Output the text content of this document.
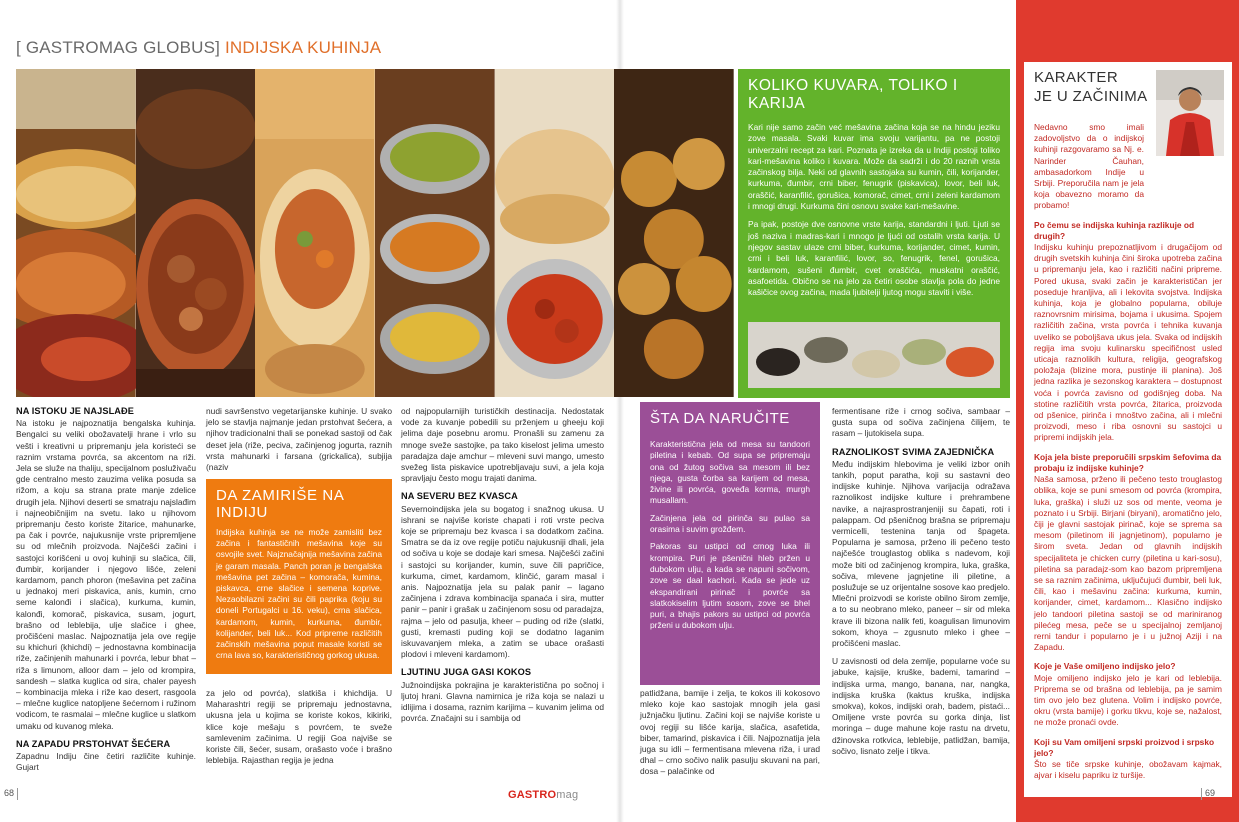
[ GASTROMAG GLOBUS] INDIJSKA KUHINJA
NA ISTOKU JE NAJSLAĐE

Na istoku je najpoznatija bengalska kuhinja. Bengalci su veliki obožavatelji hrane i vrlo su vešti i kreativni u pripremanju jela koristeći se raznim vrstama povrća, sa akcentom na riži. Jela se služe na thaliju, specijalnom posluživaču gde centralno mesto zauzima velika posuda sa rižom, a koju sa strana prate manje zdelice drugih jela. Njihovi deserti se smatraju najslađim i najneobičnijim na svetu. Iako u njihovom pripremanju često koriste žitarice, mahunarke, pa čak i povrće, najukusnije vrste pripremljene su od mlečnih proizvoda. Najčešći začini i sastojci korišćeni u ovoj kuhinji su slačica, čili, đumbir, korijander i njegovo lišće, zeleni kardamom, panch phoron (mešavina pet začina u jednakoj meri piskavica, anis, kumin, crno seme kalonđi i slačica), kurkuma, kumin, kalonđi, komorač, piskavica, susam, jogurt, brašno od leblebija, ulje slačice i ghee, pročišćeni maslac. Najpoznatija jela ove regije su khichuri (khichdi) – jednostavna kombinacija riže, začinjenih mahunarki i povrća, lebur bhat – riža s limunom, alloor dam – jelo od krompira, sandesh – slatka kuglica od sira, chaler payesh – kombinacija mleka i riže kao desert, rasgoola – mlečne kuglice natopljene šećernom i ružinom vodicom, te rasmalai – mlečne kuglice u slatkom umaku od kuvanog mleka.

NA ZAPADU PRSTOHVAT ŠEĆERA

Zapadnu Indiju čine četiri različite kuhinje. Gujart

nudi savršenstvo vegetarijanske kuhinje. U svako jelo se stavlja najmanje jedan prstohvat šećera, a njihov tradicionalni thali se ponekad sastoji od čak deset jela (riže, peciva, začinjenog jogurta, raznih vrsta mahunarki i farsana (grickalica), subjija (naziv

DA ZAMIRIŠE NA INDIJU

Indijska kuhinja se ne može zamisliti bez začina i fantastičnih mešavina koje su osvojile svet. Najznačajnija mešavina začina je garam masala. Panch poran je bengalska mešavina pet začina – komorača, kumina, piskavca, crne slačice i semena koprive. Nezaobilazni začini su čili paprika (koju su doneli Portugalci u 16. veku), crna slačica, kardamom, kumin, kurkuma, đumbir, kolijander, beli luk... Kod pripreme različitih začinskih mešavina poput masale koristi se crna lava so, karakterističnog gorkog ukusa.

za jelo od povrća), slatkiša i khichdija. U Maharashtri regiji se pripremaju jednostavna, ukusna jela u kojima se koriste kokos, kikiriki, klice koje mešaju s povrćem, te sveže samlevenim začinima. U regiji Goa najviše se koriste čili, šećer, susam, orašasto voće i brašno leblebija. Rajasthan regija je jedna

od najpopularnijih turističkih destinacija. Nedostatak vode za kuvanje pobedili su prženjem u gheeju koji jelima daje posebnu aromu. Pronašli su zamenu za mnoge sveže sastojke, pa tako kiselost jelima umesto paradajza daje amchur – mleveni suvi mango, umesto svežeg lista piskavice upotrebljavaju suvi, a jela koja spravljaju često mogu trajati danima.

NA SEVERU BEZ KVASCA

Severnoindijska jela su bogatog i snažnog ukusa. U ishrani se najviše koriste chapati i roti vrste peciva koje se pripremaju bez kvasca i sa dodatkom začina. Smatra se da iz ove regije potiču najukusniji dhali, jela od sočiva u koje se dodaje kari smesa. Najčešći začini i sastojci su korijander, kumin, suve čili papričice, kurkuma, cimet, kardamom, klinčić, garam masal i anis. Najpoznatija jela su palak panir – lagano začinjena i zdrava kombinacija spanaća i sira, mutter panir – panir i grašak u začinjenom sosu od paradajza, rajma – jelo od pasulja, kheer – puding od riže (slatki, gusti, kremasti puding koji se dodatno laganim iskuvavanjem mleka, a zatim se ubace orašasti plodovi i mleveni kardamom).

LJUTINU JUGA GASI KOKOS

Južnoindijska pokrajina je karakteristična po sočnoj i ljutoj hrani. Glavna namirnica je riža koja se nalazi u idlijima i dosama, raznim karijima – kuvanim jelima od povrća. Značajni su i sambija od

KOLIKO KUVARA, TOLIKO I KARIJA

Kari nije samo začin već mešavina začina koja se na hindu jeziku zove masala. Svaki kuvar ima svoju varijantu, pa ne postoji univerzalni recept za kari. Poznata je izreka da u Indiji postoji toliko kari-mešavina koliko i kuvara. Može da sadrži i do 20 raznih vrsta začinskog bilja. Neki od glavnih sastojaka su kumin, čili, korijander, kurkuma, đumbir, crni biber, fenugrik (piskavica), lovor, beli luk, oraščić, karanfilić, gorušica, komorač, cimet, crni i zeleni kardamom i mnogi drugi. Kurkuma čini osnovu svake kari-mešavine.

Pa ipak, postoje dve osnovne vrste karija, standardni i ljuti. Ljuti se još naziva i madras-kari i mnogo je ljući od ostalih vrsta karija. U njegov sastav ulaze crni biber, kurkuma, korijander, cimet, kumin, crni i beli luk, karanfilić, lovor, so, fenugrik, fenel, gorušica, kardamom, sušeni đumbir, cvet oraščića, muskatni oraščić, asafoetida. Obično se na jelo za četiri osobe stavlja pola do jedne kašičice ovog začina, mada ljubitelji ljutog mogu staviti i više.

ŠTA DA NARUČITE

Karakteristična jela od mesa su tandoori piletina i kebab. Od supa se pripremaju ona od žutog sočiva sa mesom ili bez njega, gusta čorba sa karijem od mesa, živine ili povrća, goveđa korma, murgh musallam.

Začinjena jela od pirinča su pulao sa orasima i suvim grožđem.

Pakoras su ustipci od crnog luka ili krompira. Puri je pšenični hleb pržen u dubokom ulju, a kada se napuni sočivom, zove se daal kachori. Kada se jede uz ekspandirani pirinač i povrće sa slatkokiselim ljutim sosom, zove se bhel puri, a bhajis pakors su ustipci od povrća prženi u dubokom ulju.

patlidžana, bamije i zelja, te kokos ili kokosovo mleko koje kao sastojak mnogih jela gasi južnjačku ljutinu. Začini koji se najviše koriste u ovoj regiji su lišće karija, slačica, asafetida, biber, tamarind, piskavica i čili. Najpoznatija jela juga su idli – fermentisana mlevena riža, i urad dhal – crno sočivo nalik pasulju skuvani na pari, dosa – palačinke od

fermentisane riže i crnog sočiva, sambaar – gusta supa od sočiva začinjena čilijem, te rasam – ljutokisela supa.

RAZNOLIKOST SVIMA ZAJEDNIČKA

Među indijskim hlebovima je veliki izbor onih tankih, poput paratha, koji su sastavni deo indijske kuhinje. Njihova varijacija odražava raznolikost indijske kulture i prehrambene navike, a najrasprostranjeniji su čapati, roti i palappam. Od pšeničnog brašna se pripremaju vermicelli, testenina tanja od špageta. Popularna je samosa, prženo ili pečeno testo najčešće trouglastog oblika s nadevom, koji može biti od začinjenog krompira, luka, graška, sočiva, mlevene jagnjetine ili piletine, a poslužuje se uz orijentalne sosove kao predjelo. Mlečni proizvodi se koriste obilno širom zemlje, a to su neobrano mleko, paneer – sir od mleka krave ili bizona nalik feti, koagulisan limunovim sokom, khoya – zgusnuto mleko i ghee – pročišćeni maslac.

U zavisnosti od dela zemlje, popularne voće su jabuke, kajsije, kruške, bademi, tamarind – indijska urma, mango, banana, nar, nangka, indijska kruška (kaktus kruška, indijska smokva), kokos, indijski orah, badem, pistaći... Omiljene vrste povrća su gorka dinja, list moringa – duge mahune koje rastu na drvetu, džinovska rotkvica, leblebije, patlidžan, bamija, sočivo, lisnato zelje i tikva.

KARAKTER
JE U ZAČINIMA

Nedavno smo imali zadovoljstvo da o indijskoj kuhinji razgovaramo sa Nj. e. Narinder Čauhan, ambasadorkom Indije u Srbiji. Preporučila nam je jela koja obavezno moramo da probamo!

Po čemu se indijska kuhinja razlikuje od drugih?

Indijsku kuhinju prepoznatljivom i drugačijom od drugih svetskih kuhinja čini široka upotreba začina u pripremanju jela, kao i različiti načini pripreme. Pored ukusa, svaki začin je karakterističan jer poseduje hranljiva, ali i lekovita svojstva. Indijska kuhinja, koja je globalno popularna, obiluje raznovrsnim mirisima, bojama i ukusima. Spojem različitih začina, vrsta povrća i tehnika kuvanja uveliko se poboljšava ukus jela. Svaka od indijskih regija ima svoju kulinarsku specifičnost usled uticaja raznolikih kultura, religija, geografskog položaja (blizine mora, pustinje ili planina). Još jedna razlika je sezonskog karaktera – dostupnost voća i povrća zavisno od godišnjeg doba. Na stotine različitih vrsta povrća, žitarica, proizvoda od pšenice, pirinča i mnoštvo začina, ali i mlečni proizvodi, meso i riba osnovni su sastojci u pripremi indijskih jela.

Koja jela biste preporučili srpskim šefovima da probaju iz indijske kuhinje?

Naša samosa, prženo ili pečeno testo trouglastog oblika, koje se puni smesom od povrća (krompira, luka, graška) i služi uz sos od mente, veoma je poznato i u Srbiji. Birjani (biryani), aromatično jelo, čiji je glavni sastojak pirinač, koje se sprema sa mesom (piletinom ili jagnjetinom), popularno je širom sveta. Jedan od glavnih indijskih specijaliteta je chicken curry (piletina u kari-sosu), piletina sa paradajz-som kao bazom pripremljena se sa raznim začinima, uključujući đumbir, beli luk, čili, kao i mešavinu začina: kurkuma, kumin, korijander, cimet, kardamom... Klasično indijsko jelo tandoori piletina sastoji se od mariniranog pilećeg mesa, peče se u specijalnoj zemljanoj rerni tandur i popularno je i u južnoj Aziji i na Zapadu.

Koje je Vaše omiljeno indijsko jelo?

Moje omiljeno indijsko jelo je kari od leblebija. Priprema se od brašna od leblebija, pa je samim tim ovo jelo bez glutena. Volim i indijsko povrće, okru (vrsta bamije) i gorku tikvu, koje se, nažalost, ne može pronaći ovde.

Koji su Vam omiljeni srpski proizvod i srpsko jelo?

Što se tiče srpske kuhinje, obožavam kajmak, ajvar i kiselu papriku iz turšije.

68	GASTROmag	69
